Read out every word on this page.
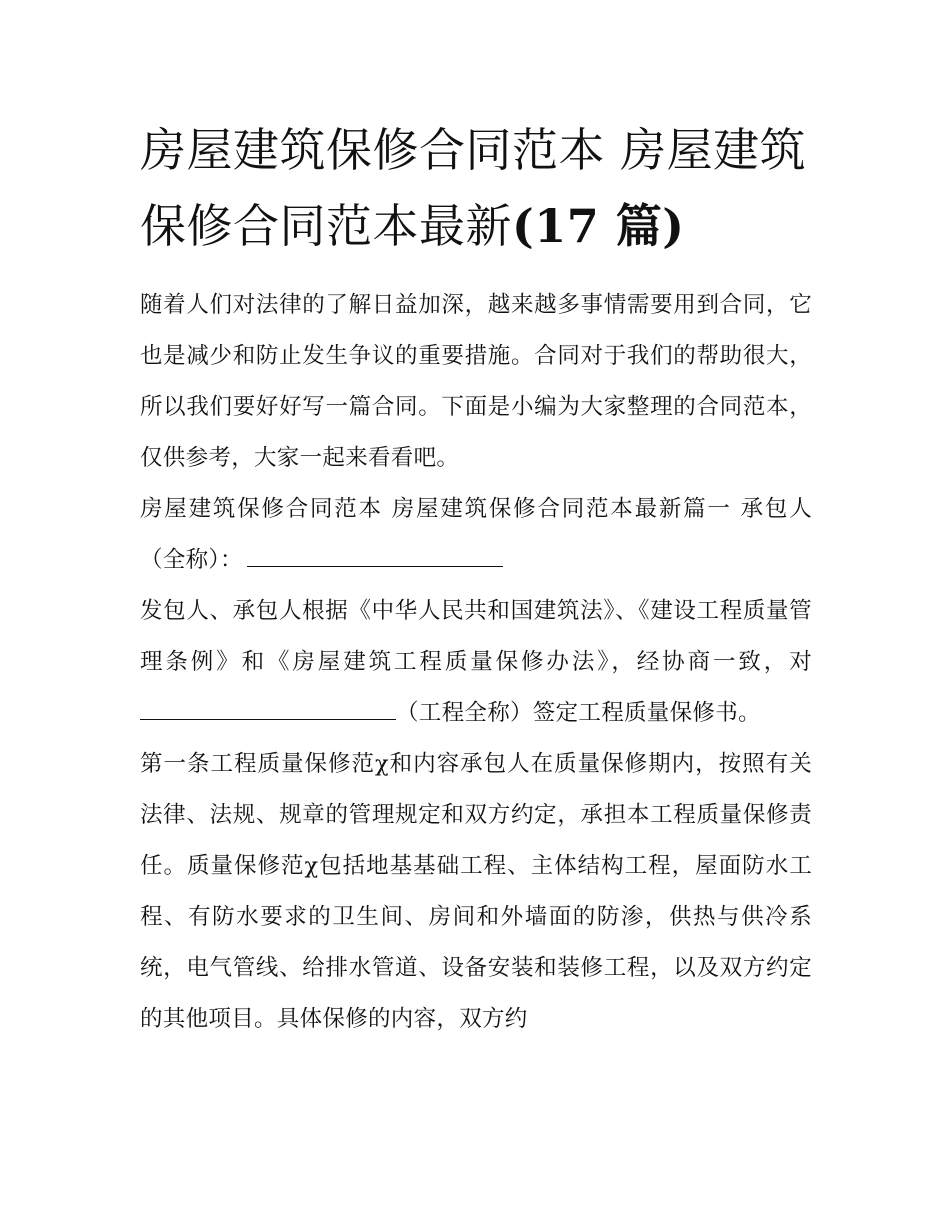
房屋建筑保修合同范本 房屋建筑保修合同范本最新(17 篇)

随着人们对法律的了解日益加深，越来越多事情需要用到合同，它也是减少和防止发生争议的重要措施。合同对于我们的帮助很大，所以我们要好好写一篇合同。下面是小编为大家整理的合同范本，仅供参考，大家一起来看看吧。

房屋建筑保修合同范本 房屋建筑保修合同范本最新篇一 承包人（全称）：

发包人、承包人根据《中华人民共和国建筑法》、《建设工程质量管理条例》和《房屋建筑工程质量保修办法》，经协商一致，对（工程全称）签定工程质量保修书。

第一条工程质量保修范χ和内容承包人在质量保修期内，按照有关法律、法规、规章的管理规定和双方约定，承担本工程质量保修责任。质量保修范χ包括地基基础工程、主体结构工程，屋面防水工程、有防水要求的卫生间、房间和外墙面的防渗，供热与供冷系统，电气管线、给排水管道、设备安装和装修工程，以及双方约定的其他项目。具体保修的内容，双方约
